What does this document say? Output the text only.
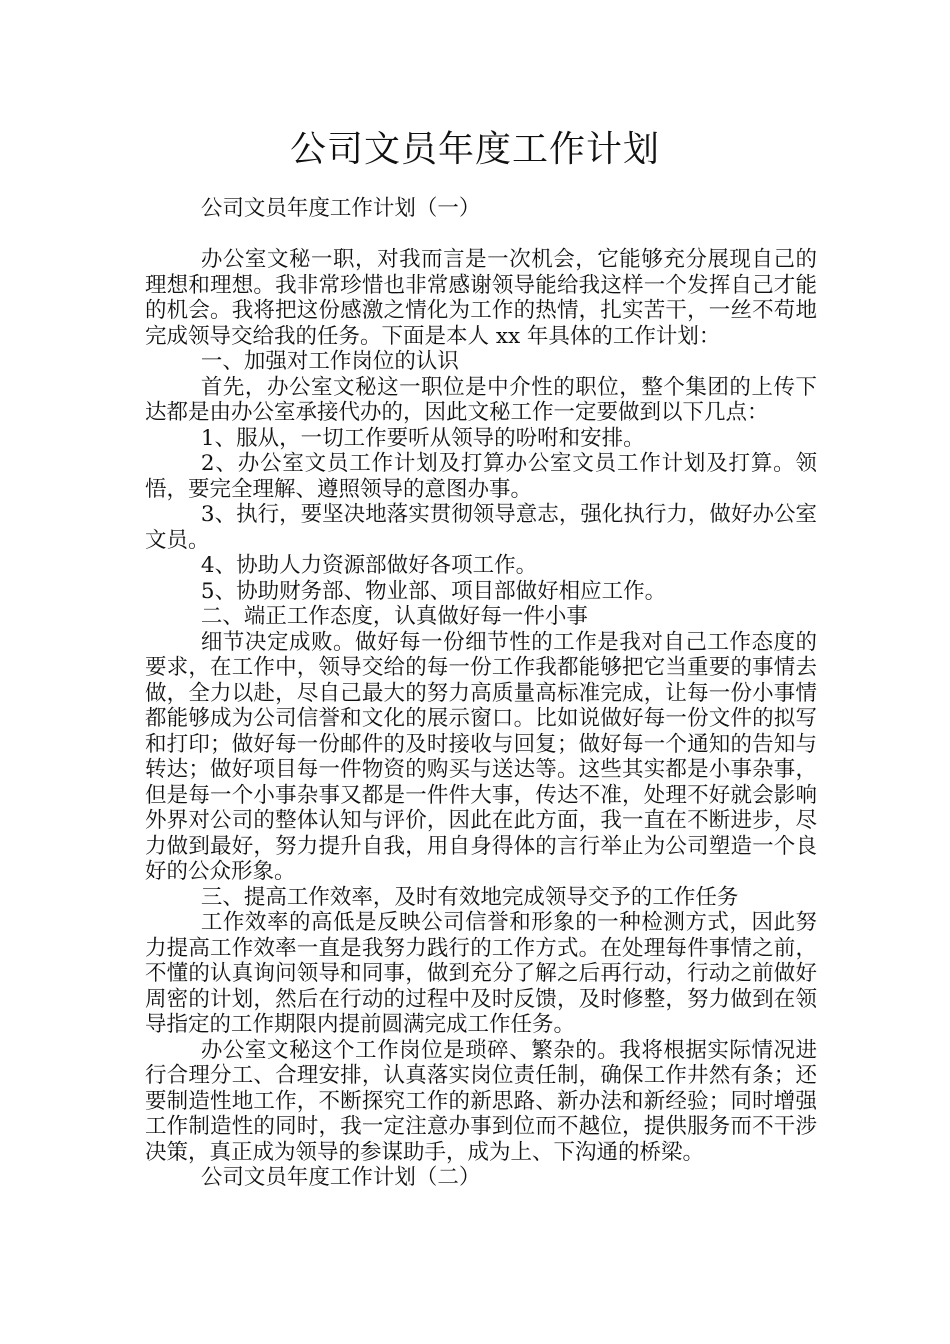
公司文员年度工作计划

公司文员年度工作计划（一）

办公室文秘一职，对我而言是一次机会，它能够充分展现自己的理想和理想。我非常珍惜也非常感谢领导能给我这样一个发挥自己才能的机会。我将把这份感激之情化为工作的热情，扎实苦干，一丝不苟地完成领导交给我的任务。下面是本人 xx 年具体的工作计划：

一、加强对工作岗位的认识

首先，办公室文秘这一职位是中介性的职位，整个集团的上传下达都是由办公室承接代办的，因此文秘工作一定要做到以下几点：

1、服从，一切工作要听从领导的吩咐和安排。

2、办公室文员工作计划及打算办公室文员工作计划及打算。领悟，要完全理解、遵照领导的意图办事。

3、执行，要坚决地落实贯彻领导意志，强化执行力，做好办公室文员。

4、协助人力资源部做好各项工作。

5、协助财务部、物业部、项目部做好相应工作。

二、端正工作态度，认真做好每一件小事

细节决定成败。做好每一份细节性的工作是我对自己工作态度的要求，在工作中，领导交给的每一份工作我都能够把它当重要的事情去做，全力以赴，尽自己最大的努力高质量高标准完成，让每一份小事情都能够成为公司信誉和文化的展示窗口。比如说做好每一份文件的拟写和打印；做好每一份邮件的及时接收与回复；做好每一个通知的告知与转达；做好项目每一件物资的购买与送达等。这些其实都是小事杂事，但是每一个小事杂事又都是一件件大事，传达不准，处理不好就会影响外界对公司的整体认知与评价，因此在此方面，我一直在不断进步，尽力做到最好，努力提升自我，用自身得体的言行举止为公司塑造一个良好的公众形象。

三、提高工作效率，及时有效地完成领导交予的工作任务

工作效率的高低是反映公司信誉和形象的一种检测方式，因此努力提高工作效率一直是我努力践行的工作方式。在处理每件事情之前，不懂的认真询问领导和同事，做到充分了解之后再行动，行动之前做好周密的计划，然后在行动的过程中及时反馈，及时修整，努力做到在领导指定的工作期限内提前圆满完成工作任务。

办公室文秘这个工作岗位是琐碎、繁杂的。我将根据实际情况进行合理分工、合理安排，认真落实岗位责任制，确保工作井然有条；还要制造性地工作，不断探究工作的新思路、新办法和新经验；同时增强工作制造性的同时，我一定注意办事到位而不越位，提供服务而不干涉决策，真正成为领导的参谋助手，成为上、下沟通的桥梁。

公司文员年度工作计划（二）
